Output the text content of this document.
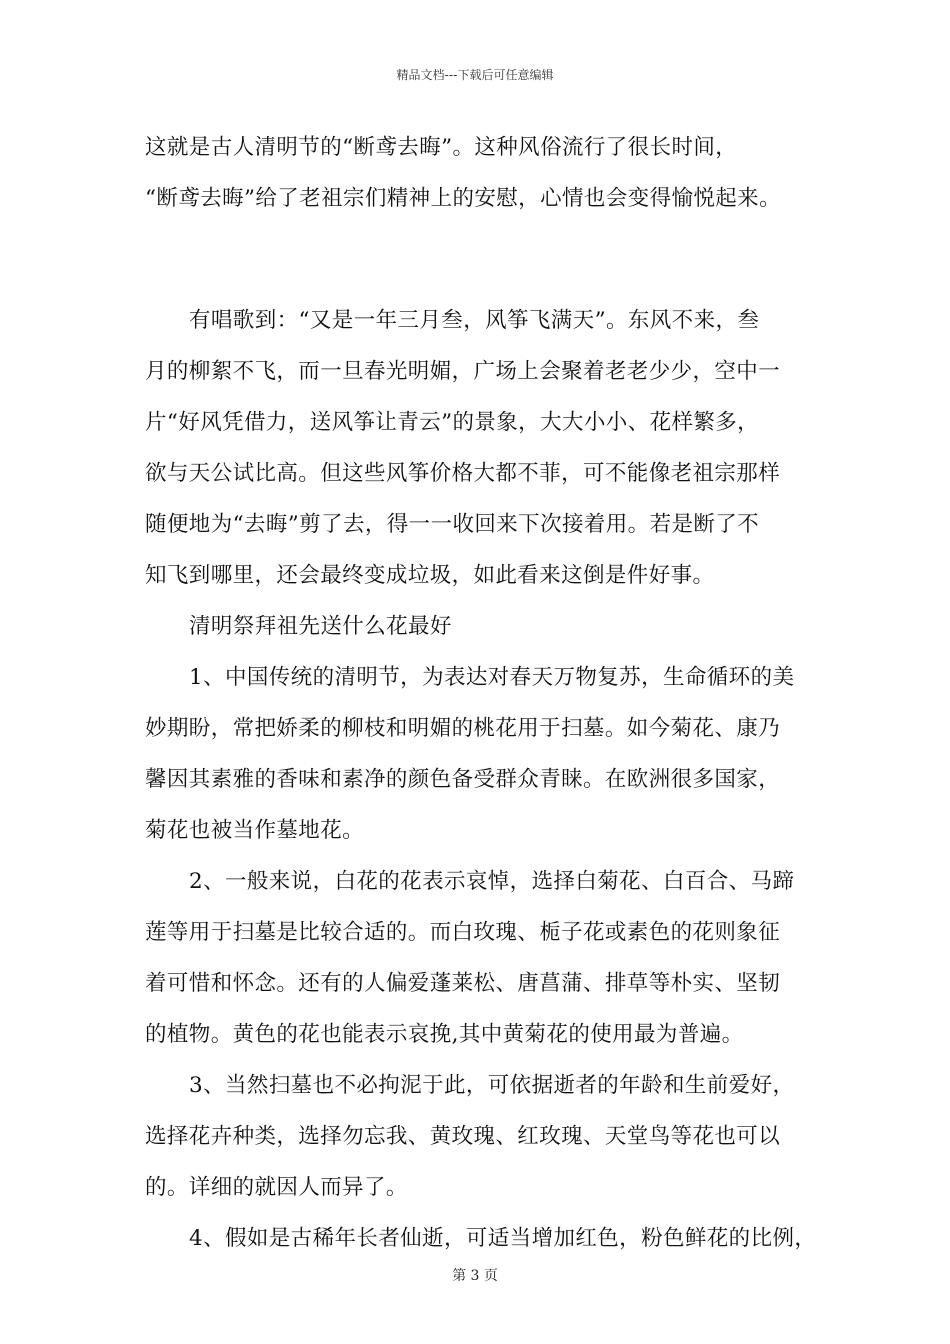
精品文档---下载后可任意编辑
这就是古人清明节的“断鸢去晦”。这种风俗流行了很长时间，
“断鸢去晦”给了老祖宗们精神上的安慰，心情也会变得愉悦起来。
有唱歌到：“又是一年三月叁，风筝飞满天”。东风不来，叁
月的柳絮不飞，而一旦春光明媚，广场上会聚着老老少少，空中一
片“好风凭借力，送风筝让青云”的景象，大大小小、花样繁多，
欲与天公试比高。但这些风筝价格大都不菲，可不能像老祖宗那样
随便地为“去晦”剪了去，得一一收回来下次接着用。若是断了不
知飞到哪里，还会最终变成垃圾，如此看来这倒是件好事。
清明祭拜祖先送什么花最好
1、中国传统的清明节，为表达对春天万物复苏，生命循环的美
妙期盼，常把娇柔的柳枝和明媚的桃花用于扫墓。如今菊花、康乃
馨因其素雅的香味和素净的颜色备受群众青睐。在欧洲很多国家，
菊花也被当作墓地花。
2、一般来说，白花的花表示哀悼，选择白菊花、白百合、马蹄
莲等用于扫墓是比较合适的。而白玫瑰、栀子花或素色的花则象征
着可惜和怀念。还有的人偏爱蓬莱松、唐菖蒲、排草等朴实、坚韧
的植物。黄色的花也能表示哀挽,其中黄菊花的使用最为普遍。
3、当然扫墓也不必拘泥于此，可依据逝者的年龄和生前爱好，
选择花卉种类，选择勿忘我、黄玫瑰、红玫瑰、天堂鸟等花也可以
的。详细的就因人而异了。
4、假如是古稀年长者仙逝，可适当增加红色，粉色鲜花的比例，
第 3 页
